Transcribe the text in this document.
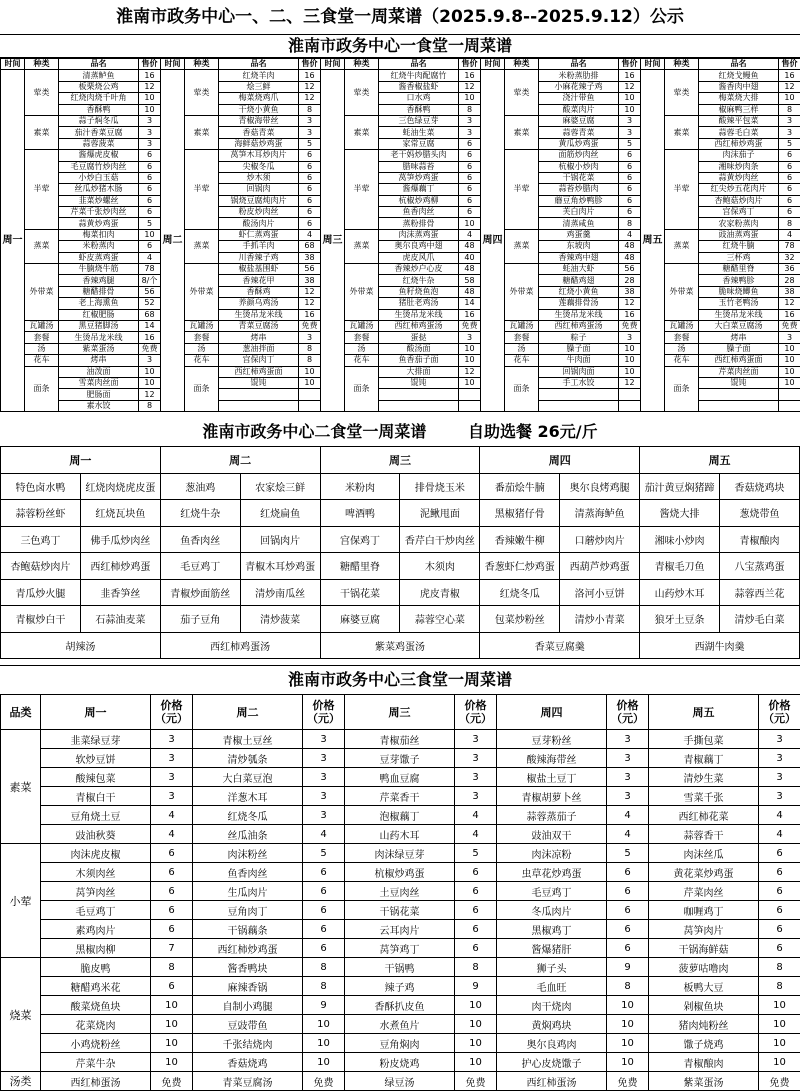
淮南市政务中心一、二、三食堂一周菜谱（2025.9.8--2025.9.12）公示
淮南市政务中心一食堂一周菜谱
时间	种类	品名	售价	时间	种类	品名	售价	时间	种类	品名	售价	时间	种类	品名	售价	时间	种类	品名	售价
周一	荤类	清蒸鲈鱼	16	周二	荤类	红烧羊肉	16	周三	荤类	红烧牛肉配腐竹	16	周四	荤类	米粉蒸肋排	16	周五	荤类	红烧戈鳗鱼	16
		板栗烧公鸡	12			烩三鲜	12			酱香椒盐虾	12			小麻花辣子鸡	12			酱香肉中翅	12
		红烧肉烧千叶角	10			梅菜烧鸡爪	12			口水鸡	10			浇汁带鱼	10			梅菜烧大排	10
		香酥鸭	10			干烧小黄鱼	8			香酥鸭	8			酸菜肉片	10			椒麻鸭三样	8
	素菜	蒜子焖冬瓜	3		素菜	青椒海带丝	3		素菜	三色绿豆芽	3		素菜	麻婆豆腐	3		素菜	酸辣平包菜	3
		茄汁香菜豆腐	3			香菇青菜	3			蚝油生菜	3			蒜蓉青菜	3			蒜蓉毛白菜	3
		蒜蓉菠菜	3			海鲜菇炒鸡蛋	5			家常豆腐	6			黄瓜炒鸡蛋	5			西红柿炒鸡蛋	5
	半荤	酱爆虎皮椒	6		半荤	莴笋木耳炒肉片	6		半荤	老干妈炒腊头肉	6		半荤	面筋炒肉丝	6		半荤	肉沫茄子	6
		毛豆腐竹炒肉丝	6			尖椒冬瓜	6			腊味蒜苔	6			杭椒小炒肉	6			湘味炒肉条	6
		小炒白玉菇	6			炒木须	6			莴笋炒鸡蛋	6			干锅花菜	6			蒜黄炒肉丝	6
		丝瓜炒猪木肠	6			回锅肉	6			酱爆藕丁	6			蒜苔炒腊肉	6			红尖炒五花肉片	6
		韭菜炒螺丝	6			锅烧豆腐炖肉片	6			杭椒炒鸡柳	6			蘑豆角炒鸭胗	6			杏鲍菇炒肉片	6
		芹菜千张炒肉丝	6			粉皮炒肉丝	6			鱼香肉丝	6			芙白肉片	6			宫保鸡丁	6
		蒜黄炒鸡蛋	5			酸汤肉片	6			蒸粉排骨	10			清蒸咸鱼	8			农家粉蒸肉	8
	蒸菜	梅菜扣肉	10		蒸菜	虾仁蒸鸡蛋	4		蒸菜	肉沫蒸鸡蛋	4		蒸菜	鸡蛋羹	4		蒸菜	豉油蒸鸡蛋	4
		米粉蒸肉	6			手抓羊肉	68			奥尔良鸡中翅	48			东坡肉	48			红烧牛腩	78
		虾皮蒸鸡蛋	4			川香辣子鸡	38			虎皮风爪	40			香辣鸡中翅	48			三杯鸡	32
	外带菜	牛腩烧牛筋	78		外带菜	椒盐基围虾	56		外带菜	香辣炒户心皮	48		外带菜	蚝油大虾	56		外带菜	糖醋里脊	36
		香辣鸡腿	8/个			香辣花甲	38			红烧牛杂	58			糖醋鸡翅	28			香辣鸭胗	28
		糖醋排骨	56			香酥鸡	12			鱼籽烧鱼泡	48			红烧小黄鱼	38			脆味烧鲫鱼	38
		老上海熏鱼	52			养颜乌鸡汤	12			猪肚老鸡汤	14			莲藕排骨汤	12			玉竹老鸭汤	12
		红椒肥肠	68			生烫吊龙米线	16			生烫吊龙米线	16			生烫吊龙米线	16			生烫吊龙米线	16
	瓦罐汤	黑豆猪脚汤	14		瓦罐汤	青菜豆腐汤	免费		瓦罐汤	西红柿鸡蛋汤	免费		瓦罐汤	西红柿鸡蛋汤	免费		瓦罐汤	大白菜豆腐汤	免费
	套餐	生烫吊龙米线	16		套餐	烤串	3		套餐	蛋挞	3		套餐	粽子	3		套餐	烤串	3
	汤	紫菜蛋汤	免费		汤	葱油拌面	8		汤	酸汤面	10		汤	臊子面	10		汤	臊子面	10
	花车	烤串	3		花车	宫保肉丁	8		花车	鱼香茄子面	10		花车	牛肉面	10		花车	西红柿鸡蛋面	10
	面条	油泼面	10		面条	西红柿鸡蛋面	10		面条	大排面	12		面条	回锅肉面	10		面条	芹菜肉丝面	10
		雪菜肉丝面	10			馄饨	10			馄饨	10			手工水饺	12			馄饨	10
		肥肠面	12																
		素水饺	8																
淮南市政务中心二食堂一周菜谱	自助选餐 26元/斤
周一		周二		周三		周四		周五	
特色卤水鸭	红烧肉烧虎皮蛋	葱油鸡	农家烩三鲜	米粉肉	排骨烧玉米	番茄烩牛腩	奥尔良烤鸡腿	茄汁黄豆焖猪蹄	香菇烧鸡块
蒜蓉粉丝虾	红烧瓦块鱼	红烧牛杂	红烧扁鱼	啤酒鸭	泥鳅甩面	黑椒猪仔骨	清蒸海鲈鱼	酱烧大排	葱烧带鱼
三色鸡丁	佛手瓜炒肉丝	鱼香肉丝	回锅肉片	宫保鸡丁	香芹白干炒肉丝	香辣嫩牛柳	口蘑炒肉片	湘味小炒肉	青椒酿肉
杏鲍菇炒肉片	西红柿炒鸡蛋	毛豆鸡丁	青椒木耳炒鸡蛋	糖醋里脊	木须肉	香葱虾仁炒鸡蛋	西葫芦炒鸡蛋	青椒毛刀鱼	八宝蒸鸡蛋
青瓜炒火腿	韭香笋丝	青椒炒面筋丝	清炒南瓜丝	干锅花菜	虎皮青椒	红烧冬瓜	洛河小豆饼	山药炒木耳	蒜蓉西兰花
青椒炒白干	石蒜油麦菜	茄子豆角	清炒菠菜	麻婆豆腐	蒜蓉空心菜	包菜炒粉丝	清炒小青菜	狼牙土豆条	清炒毛白菜
胡辣汤		西红柿鸡蛋汤		紫菜鸡蛋汤		香菜豆腐羹		西湖牛肉羹	
淮南市政务中心三食堂一周菜谱
品类	周一	价格（元）	周二	价格（元）	周三	价格（元）	周四	价格（元）	周五	价格（元）
素菜	韭菜绿豆芽	3	青椒土豆丝	3	青椒茄丝	3	豆芽粉丝	3	手撕包菜	3
	软炒豆饼	3	清炒瓠条	3	豆芽馓子	3	酸辣海带丝	3	青椒藕丁	3
	酸辣包菜	3	大白菜豆泡	3	鸭血豆腐	3	椒盐土豆丁	3	清炒生菜	3
	青椒白干	3	洋葱木耳	3	芹菜香干	3	青椒胡萝卜丝	3	雪菜千张	3
	豆角烧土豆	4	红烧冬瓜	3	泡椒藕丁	4	蒜蓉蒸茄子	4	西红柿花菜	4
	豉油秋葵	4	丝瓜油条	4	山药木耳	4	豉油双干	4	蒜蓉香干	4
小荤	肉沫虎皮椒	6	肉沫粉丝	5	肉沫绿豆芽	5	肉沫凉粉	5	肉沫丝瓜	6
	木须肉丝	6	鱼香肉丝	6	杭椒炒鸡蛋	6	虫草花炒鸡蛋	6	黄花菜炒鸡蛋	6
	莴笋肉丝	6	生瓜肉片	6	土豆肉丝	6	毛豆鸡丁	6	芹菜肉丝	6
	毛豆鸡丁	6	豆角肉丁	6	干锅花菜	6	冬瓜肉片	6	咖喱鸡丁	6
	素鸡肉片	6	干锅藕条	6	云耳肉片	6	黑椒鸡丁	6	莴笋肉片	6
	黑椒肉柳	7	西红柿炒鸡蛋	6	莴笋鸡丁	6	酱爆猪肝	6	干锅海鲜菇	6
烧菜	脆皮鸭	8	酱香鸭块	8	干锅鸭	8	狮子头	9	菠萝咕噜肉	8
	糖醋鸡米花	6	麻辣香锅	8	辣子鸡	9	毛血旺	8	板鸭大豆	8
	酸菜烧鱼块	10	自制小鸡腿	9	香酥扒皮鱼	10	肉干烧肉	10	剁椒鱼块	10
	花菜烧肉	10	豆豉带鱼	10	水煮鱼片	10	黄焖鸡块	10	猪肉炖粉丝	10
	小鸡烧粉丝	10	千张结烧肉	10	豆角焖肉	10	奥尔良鸡肉	10	馓子烧鸡	10
	芹菜牛杂	10	香菇烧鸡	10	粉皮烧鸡	10	护心皮烧馓子	10	青椒酿肉	10
汤类	西红柿蛋汤	免费	青菜豆腐汤	免费	绿豆汤	免费	西红柿蛋汤	免费	紫菜蛋汤	免费
